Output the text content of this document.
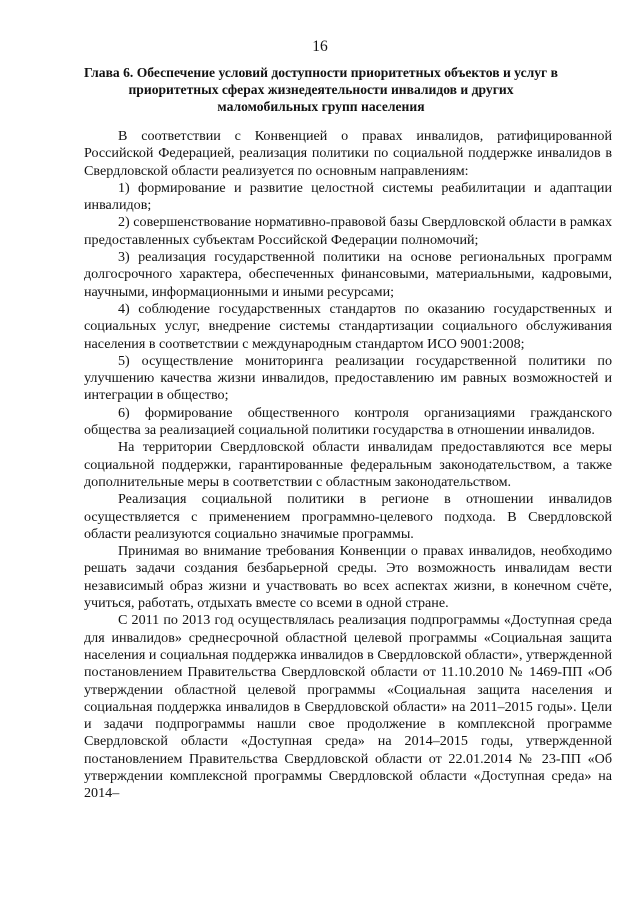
16
Глава 6. Обеспечение условий доступности приоритетных объектов и услуг в приоритетных сферах жизнедеятельности инвалидов и других маломобильных групп населения

В соответствии с Конвенцией о правах инвалидов, ратифицированной Российской Федерацией, реализация политики по социальной поддержке инвалидов в Свердловской области реализуется по основным направлениям:

1) формирование и развитие целостной системы реабилитации и адаптации инвалидов;

2) совершенствование нормативно-правовой базы Свердловской области в рамках предоставленных субъектам Российской Федерации полномочий;

3) реализация государственной политики на основе региональных программ долгосрочного характера, обеспеченных финансовыми, материальными, кадровыми, научными, информационными и иными ресурсами;

4) соблюдение государственных стандартов по оказанию государственных и социальных услуг, внедрение системы стандартизации социального обслуживания населения в соответствии с международным стандартом ИСО 9001:2008;

5) осуществление мониторинга реализации государственной политики по улучшению качества жизни инвалидов, предоставлению им равных возможностей и интеграции в общество;

6) формирование общественного контроля организациями гражданского общества за реализацией социальной политики государства в отношении инвалидов.

На территории Свердловской области инвалидам предоставляются все меры социальной поддержки, гарантированные федеральным законодательством, а также дополнительные меры в соответствии с областным законодательством.

Реализация социальной политики в регионе в отношении инвалидов осуществляется с применением программно-целевого подхода. В Свердловской области реализуются социально значимые программы.

Принимая во внимание требования Конвенции о правах инвалидов, необходимо решать задачи создания безбарьерной среды. Это возможность инвалидам вести независимый образ жизни и участвовать во всех аспектах жизни, в конечном счёте, учиться, работать, отдыхать вместе со всеми в одной стране.

С 2011 по 2013 год осуществлялась реализация подпрограммы «Доступная среда для инвалидов» среднесрочной областной целевой программы «Социальная защита населения и социальная поддержка инвалидов в Свердловской области», утвержденной постановлением Правительства Свердловской области от 11.10.2010 № 1469-ПП «Об утверждении областной целевой программы «Социальная защита населения и социальная поддержка инвалидов в Свердловской области» на 2011–2015 годы». Цели и задачи подпрограммы нашли свое продолжение в комплексной программе Свердловской области «Доступная среда» на 2014–2015 годы, утвержденной постановлением Правительства Свердловской области от 22.01.2014 № 23-ПП «Об утверждении комплексной программы Свердловской области «Доступная среда» на 2014–
